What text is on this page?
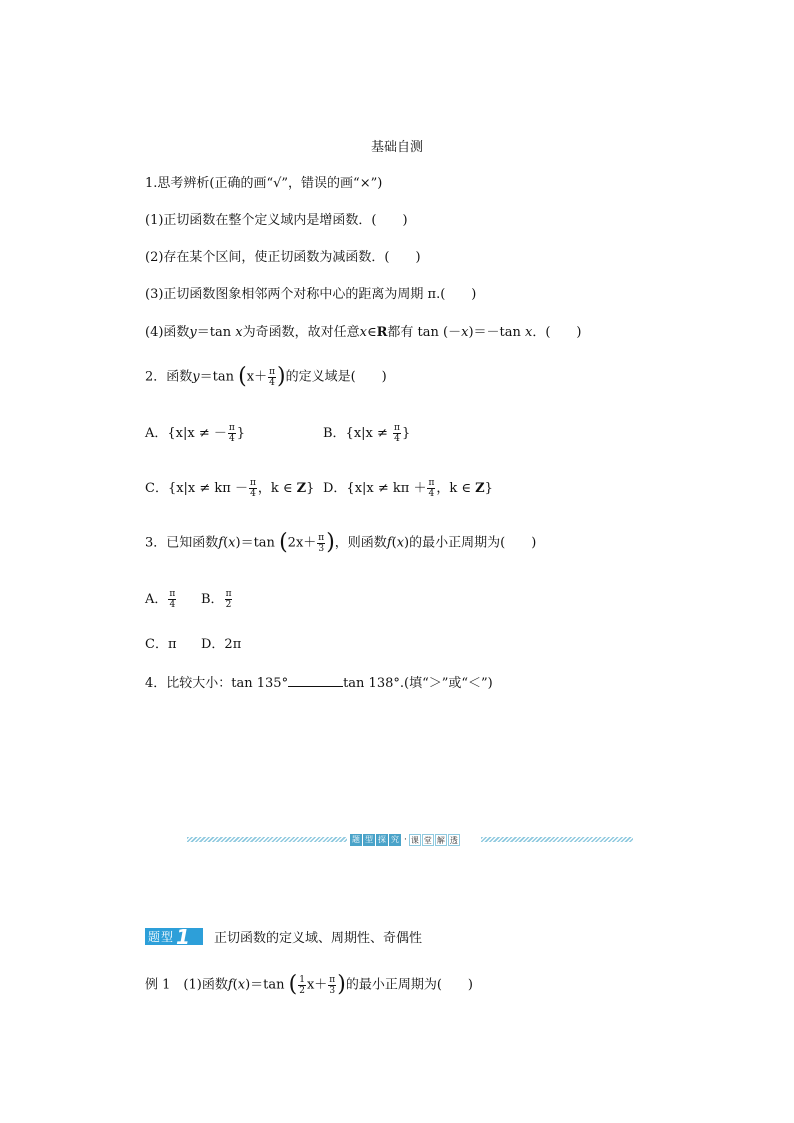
基础自测
1.思考辨析(正确的画“√”，错误的画“×”)
(1)正切函数在整个定义域内是增函数．(　　)
(2)存在某个区间，使正切函数为减函数．(　　)
(3)正切函数图象相邻两个对称中心的距离为周期 π.(　　)
(4)函数y＝tan x为奇函数，故对任意x∈R都有 tan (－x)＝－tan x．(　　)
2．函数y＝tan ($x+ \frac{\pi}{4}$ )的定义域是(　　)
A．{x|x ≠ － $\frac{\pi}{4}$ }	B．{$x|x \ne \frac{\pi}{4}$ }
C．{$x|x \ne k\pi - \frac{\pi}{4}$ ，k ∈ Z} D．{$x|x \ne k\pi + \frac{\pi}{4}$ ，k ∈ Z}
3．已知函数f(x)＝tan ($2x+ \frac{\pi}{3}$ )，则函数f(x)的最小正周期为(　　)
A． $\frac{\pi}{4}$ B． $\frac{\pi}{2}$
C．π D．2π
4．比较大小：tan 135°	tan 138°.(填“＞”或“＜”)
题 型 探 究 · 课 堂 解 透
题型 1 正切函数的定义域、周期性、奇偶性
例 1　(1)函数f(x)＝tan ( $\frac{1}{2} x+ \frac{\pi}{3}$ )的最小正周期为(　　)
